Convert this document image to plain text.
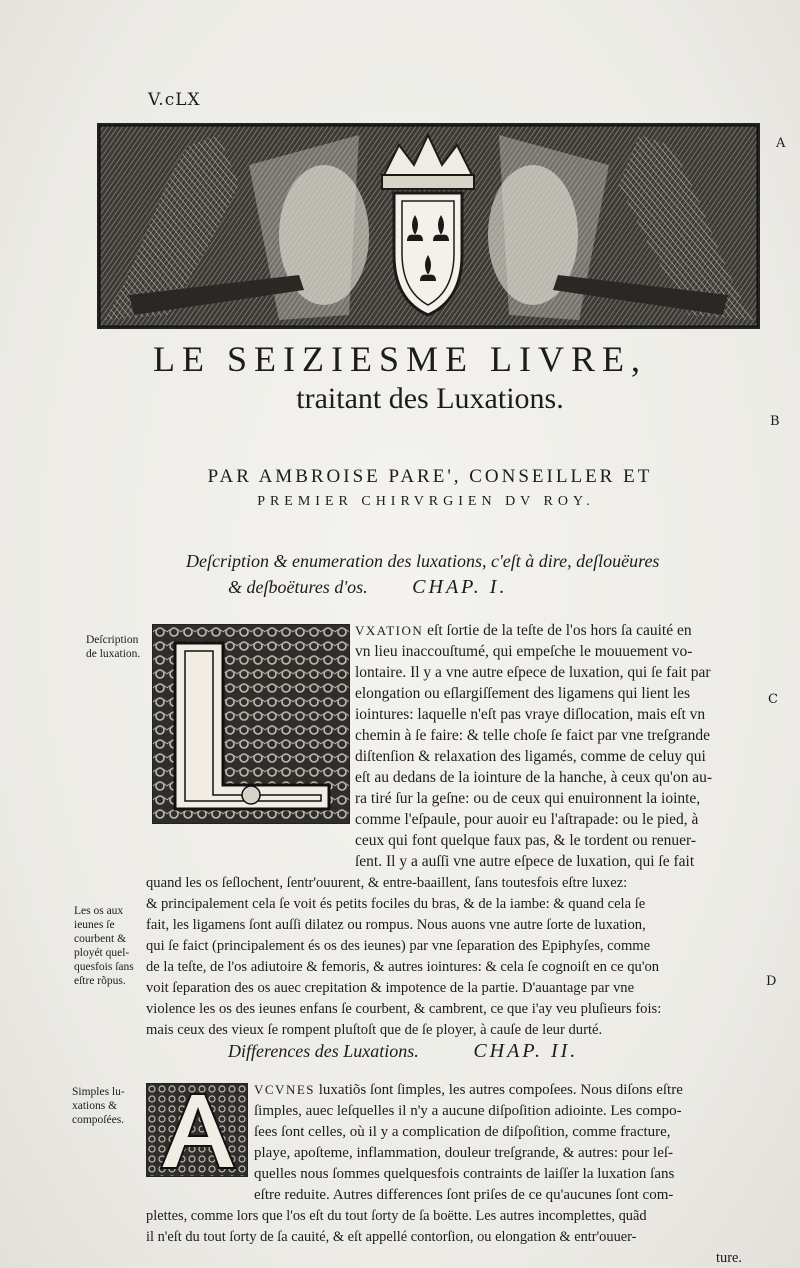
V.cLX
A
B
C
D
LE SEIZIESME LIVRE,
traitant des Luxations.
PAR AMBROISE PARE', CONSEILLER ET
PREMIER CHIRVRGIEN DV ROY.
Deſcription & enumeration des luxations, c'eſt à dire, deſlouëures
& deſboëtures d'os. CHAP. I.
Deſcription
de luxation.
Les os aux
ieunes ſe
courbent &
ployét quel-
quesfois ſans
eſtre rõpus.
VXATION eſt ſortie de la teſte de l'os hors ſa cauité en
vn lieu inaccouſtumé, qui empeſche le mouuement vo-
lontaire. Il y a vne autre eſpece de luxation, qui ſe fait par
elongation ou eſlargiſſement des ligamens qui lient les
iointures: laquelle n'eſt pas vraye diſlocation, mais eſt vn
chemin à ſe faire: & telle choſe ſe faict par vne treſgrande
diſtenſion & relaxation des ligamés, comme de celuy qui
eſt au dedans de la iointure de la hanche, à ceux qu'on au-
ra tiré ſur la geſne: ou de ceux qui enuironnent la iointe,
comme l'eſpaule, pour auoir eu l'aſtrapade: ou le pied, à
ceux qui font quelque faux pas, & le tordent ou renuer-
ſent. Il y a auſſi vne autre eſpece de luxation, qui ſe fait
quand les os ſeſlochent, ſentr'ouurent, & entre-baaillent, ſans toutesfois eſtre luxez:
& principalement cela ſe voit és petits fociles du bras, & de la iambe: & quand cela ſe
fait, les ligamens ſont auſſi dilatez ou rompus. Nous auons vne autre ſorte de luxation,
qui ſe faict (principalement és os des ieunes) par vne ſeparation des Epiphyſes, comme
de la teſte, de l'os adiutoire & femoris, & autres iointures: & cela ſe cognoiſt en ce qu'on
voit ſeparation des os auec crepitation & impotence de la partie. D'auantage par vne
violence les os des ieunes enfans ſe courbent, & cambrent, ce que i'ay veu pluſieurs fois:
mais ceux des vieux ſe rompent pluſtoſt que de ſe ployer, à cauſe de leur durté.
Differences des Luxations.	CHAP. II.
Simples lu-
xations &
compoſées.
VCVNES luxatiõs ſont ſimples, les autres compoſees. Nous diſons eſtre
ſimples, auec leſquelles il n'y a aucune diſpoſition adiointe. Les compo-
ſees ſont celles, où il y a complication de diſpoſition, comme fracture,
playe, apoſteme, inflammation, douleur treſgrande, & autres: pour leſ-
quelles nous ſommes quelquesfois contraints de laiſſer la luxation ſans
eſtre reduite. Autres differences ſont priſes de ce qu'aucunes ſont com-
plettes, comme lors que l'os eſt du tout ſorty de ſa boëtte. Les autres incomplettes, quãd
il n'eſt du tout ſorty de ſa cauité, & eſt appellé contorſion, ou elongation & entr'ouuer-
ture.
